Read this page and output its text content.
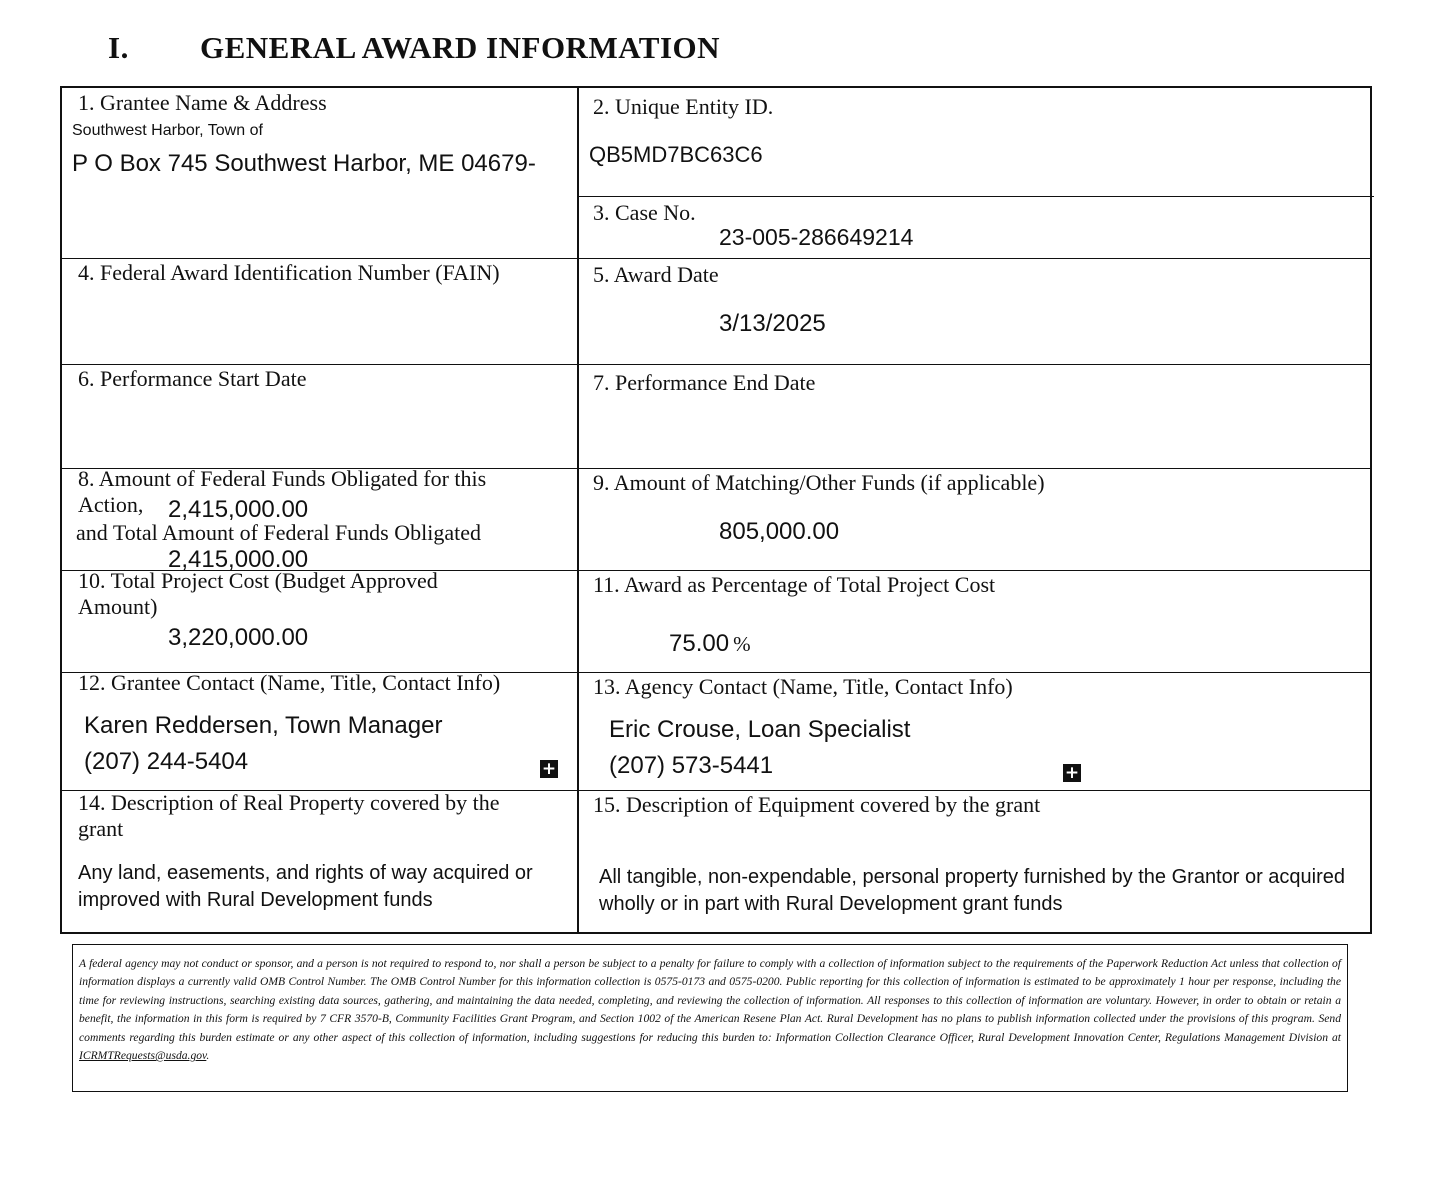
I. GENERAL AWARD INFORMATION
1. Grantee Name & Address
Southwest Harbor, Town of
P O Box 745 Southwest Harbor, ME 04679-
2. Unique Entity ID.
QB5MD7BC63C6
3. Case No.
23-005-286649214
4. Federal Award Identification Number (FAIN)	5. Award Date
3/13/2025
6. Performance Start Date	7. Performance End Date
8. Amount of Federal Funds Obligated for this
Action, 2,415,000.00
and Total Amount of Federal Funds Obligated
2,415,000.00
9. Amount of Matching/Other Funds (if applicable)
805,000.00
10. Total Project Cost (Budget Approved
Amount)
3,220,000.00
11. Award as Percentage of Total Project Cost
75.00 %
12. Grantee Contact (Name, Title, Contact Info)
Karen Reddersen, Town Manager
(207) 244-5404	+
13. Agency Contact (Name, Title, Contact Info)
Eric Crouse, Loan Specialist
(207) 573-5441	+
14. Description of Real Property covered by the
grant
Any land, easements, and rights of way acquired or
improved with Rural Development funds
15. Description of Equipment covered by the grant
All tangible, non-expendable, personal property furnished by the Grantor or acquired
wholly or in part with Rural Development grant funds
A federal agency may not conduct or sponsor, and a person is not required to respond to, nor shall a person be subject to a penalty for failure to comply with a collection of information subject to the requirements of the Paperwork Reduction Act unless that collection of information displays a currently valid OMB Control Number. The OMB Control Number for this information collection is 0575-0173 and 0575-0200. Public reporting for this collection of information is estimated to be approximately 1 hour per response, including the time for reviewing instructions, searching existing data sources, gathering, and maintaining the data needed, completing, and reviewing the collection of information. All responses to this collection of information are voluntary. However, in order to obtain or retain a benefit, the information in this form is required by 7 CFR 3570-B, Community Facilities Grant Program, and Section 1002 of the American Resene Plan Act. Rural Development has no plans to publish information collected under the provisions of this program. Send comments regarding this burden estimate or any other aspect of this collection of information, including suggestions for reducing this burden to: Information Collection Clearance Officer, Rural Development Innovation Center, Regulations Management Division at ICRMTRequests@usda.gov.
